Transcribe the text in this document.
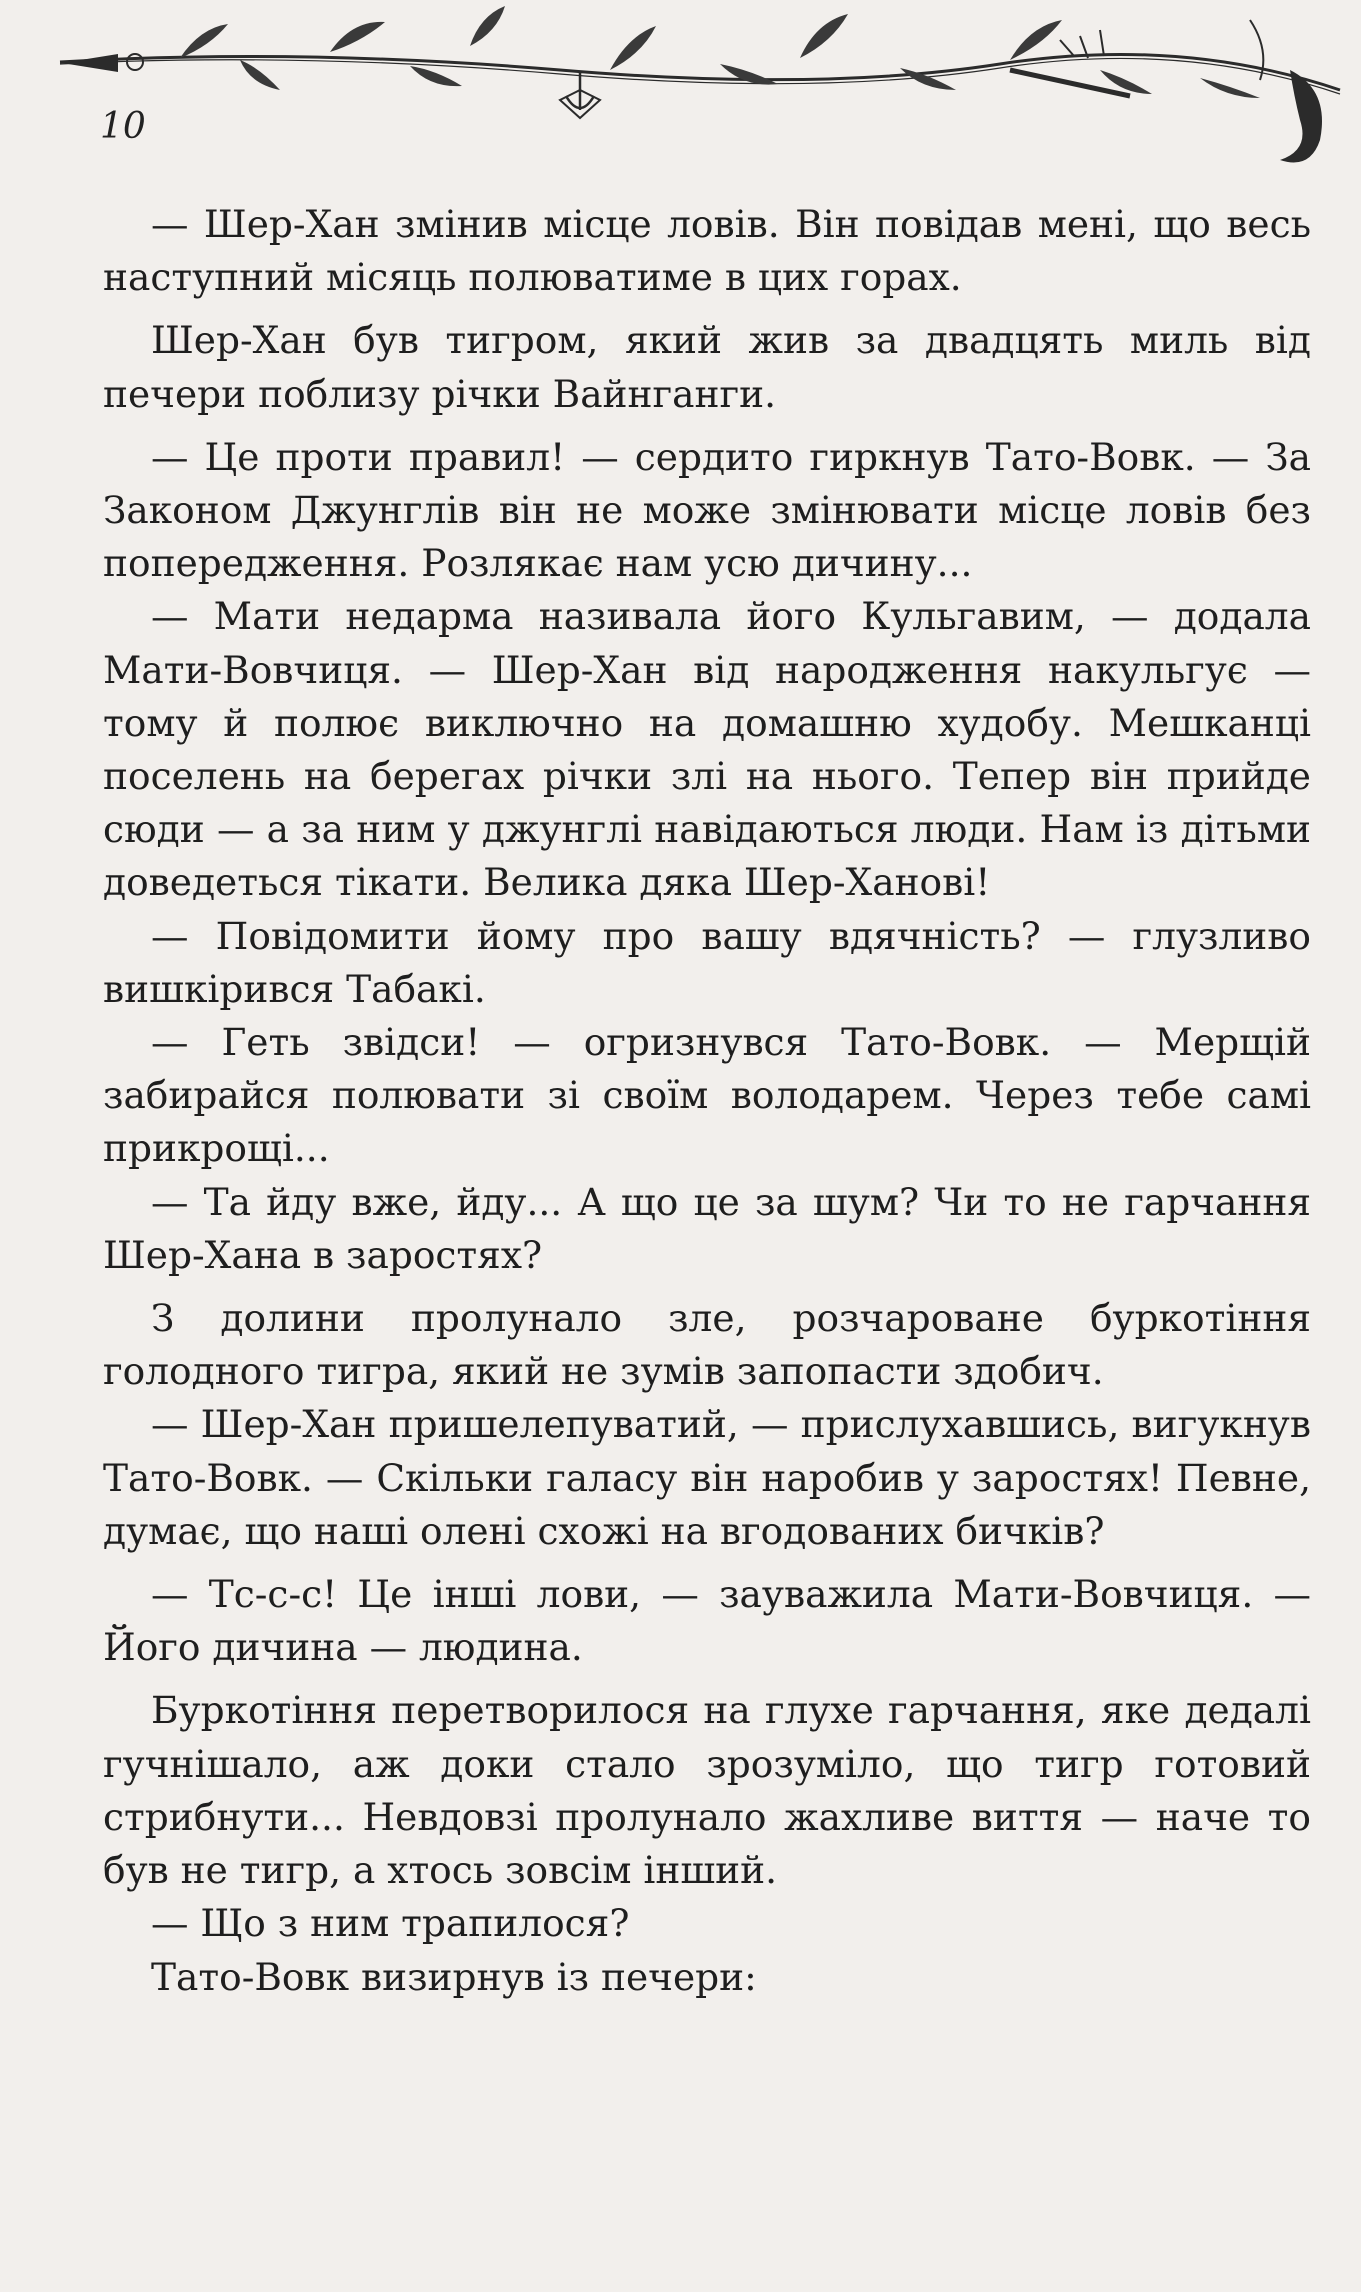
10

— Шер-Хан змінив місце ловів. Він повідав мені, що весь наступний місяць полюватиме в цих горах.

Шер-Хан був тигром, який жив за двадцять миль від печери поблизу річки Вайнганги.

— Це проти правил! — сердито гиркнув Тато-Вовк. — За Законом Джунглів він не може змінювати місце ловів без попередження. Розлякає нам усю дичину...

— Мати недарма називала його Кульгавим, — додала Мати-Вовчиця. — Шер-Хан від народження накульгує — тому й полює виключно на домашню худобу. Мешканці поселень на берегах річки злі на нього. Тепер він прийде сюди — а за ним у джунглі навідаються люди. Нам із дітьми доведеться тікати. Велика дяка Шер-Ханові!

— Повідомити йому про вашу вдячність? — глузливо вишкірився Табакі.

— Геть звідси! — огризнувся Тато-Вовк. — Мерщій забирайся полювати зі своїм володарем. Через тебе самі прикрощі...

— Та йду вже, йду... А що це за шум? Чи то не гарчання Шер-Хана в заростях?

З долини пролунало зле, розчароване буркотіння голодного тигра, який не зумів запопасти здобич.

— Шер-Хан пришелепуватий, — прислухавшись, вигукнув Тато-Вовк. — Скільки галасу він наробив у заростях! Певне, думає, що наші олені схожі на вгодованих бичків?

— Тс-с-с! Це інші лови, — зауважила Мати-Вовчиця. — Його дичина — людина.

Буркотіння перетворилося на глухе гарчання, яке дедалі гучнішало, аж доки стало зрозуміло, що тигр готовий стрибнути... Невдовзі пролунало жахливе виття — наче то був не тигр, а хтось зовсім інший.

— Що з ним трапилося?

Тато-Вовк визирнув із печери:
